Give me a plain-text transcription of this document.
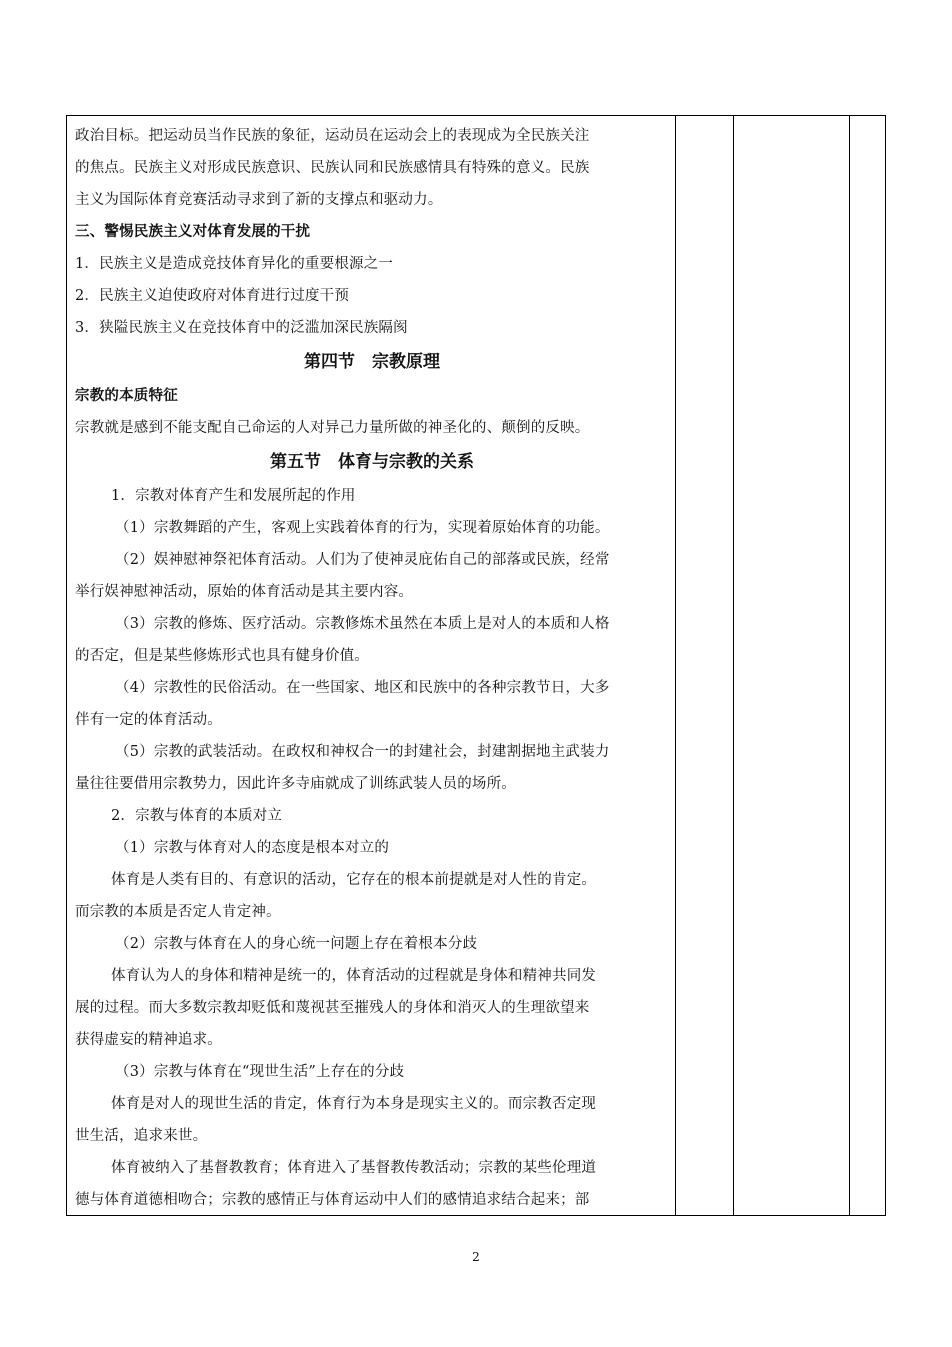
政治目标。把运动员当作民族的象征，运动员在运动会上的表现成为全民族关注
的焦点。民族主义对形成民族意识、民族认同和民族感情具有特殊的意义。民族
主义为国际体育竞赛活动寻求到了新的支撑点和驱动力。
三、警惕民族主义对体育发展的干扰
1．民族主义是造成竞技体育异化的重要根源之一
2．民族主义迫使政府对体育进行过度干预
3．狭隘民族主义在竞技体育中的泛滥加深民族隔阂
第四节　宗教原理
宗教的本质特征
宗教就是感到不能支配自己命运的人对异己力量所做的神圣化的、颠倒的反映。
第五节　体育与宗教的关系
1．宗教对体育产生和发展所起的作用
（1）宗教舞蹈的产生，客观上实践着体育的行为，实现着原始体育的功能。
（2）娱神慰神祭祀体育活动。人们为了使神灵庇佑自己的部落或民族，经常
举行娱神慰神活动，原始的体育活动是其主要内容。
（3）宗教的修炼、医疗活动。宗教修炼术虽然在本质上是对人的本质和人格
的否定，但是某些修炼形式也具有健身价值。
（4）宗教性的民俗活动。在一些国家、地区和民族中的各种宗教节日，大多
伴有一定的体育活动。
（5）宗教的武装活动。在政权和神权合一的封建社会，封建割据地主武装力
量往往要借用宗教势力，因此许多寺庙就成了训练武装人员的场所。
2．宗教与体育的本质对立
（1）宗教与体育对人的态度是根本对立的
体育是人类有目的、有意识的活动，它存在的根本前提就是对人性的肯定。
而宗教的本质是否定人肯定神。
（2）宗教与体育在人的身心统一问题上存在着根本分歧
体育认为人的身体和精神是统一的，体育活动的过程就是身体和精神共同发
展的过程。而大多数宗教却贬低和蔑视甚至摧残人的身体和消灭人的生理欲望来
获得虚妄的精神追求。
（3）宗教与体育在“现世生活”上存在的分歧
体育是对人的现世生活的肯定，体育行为本身是现实主义的。而宗教否定现
世生活，追求来世。
体育被纳入了基督教教育；体育进入了基督教传教活动；宗教的某些伦理道
德与体育道德相吻合；宗教的感情正与体育运动中人们的感情追求结合起来；部
2
